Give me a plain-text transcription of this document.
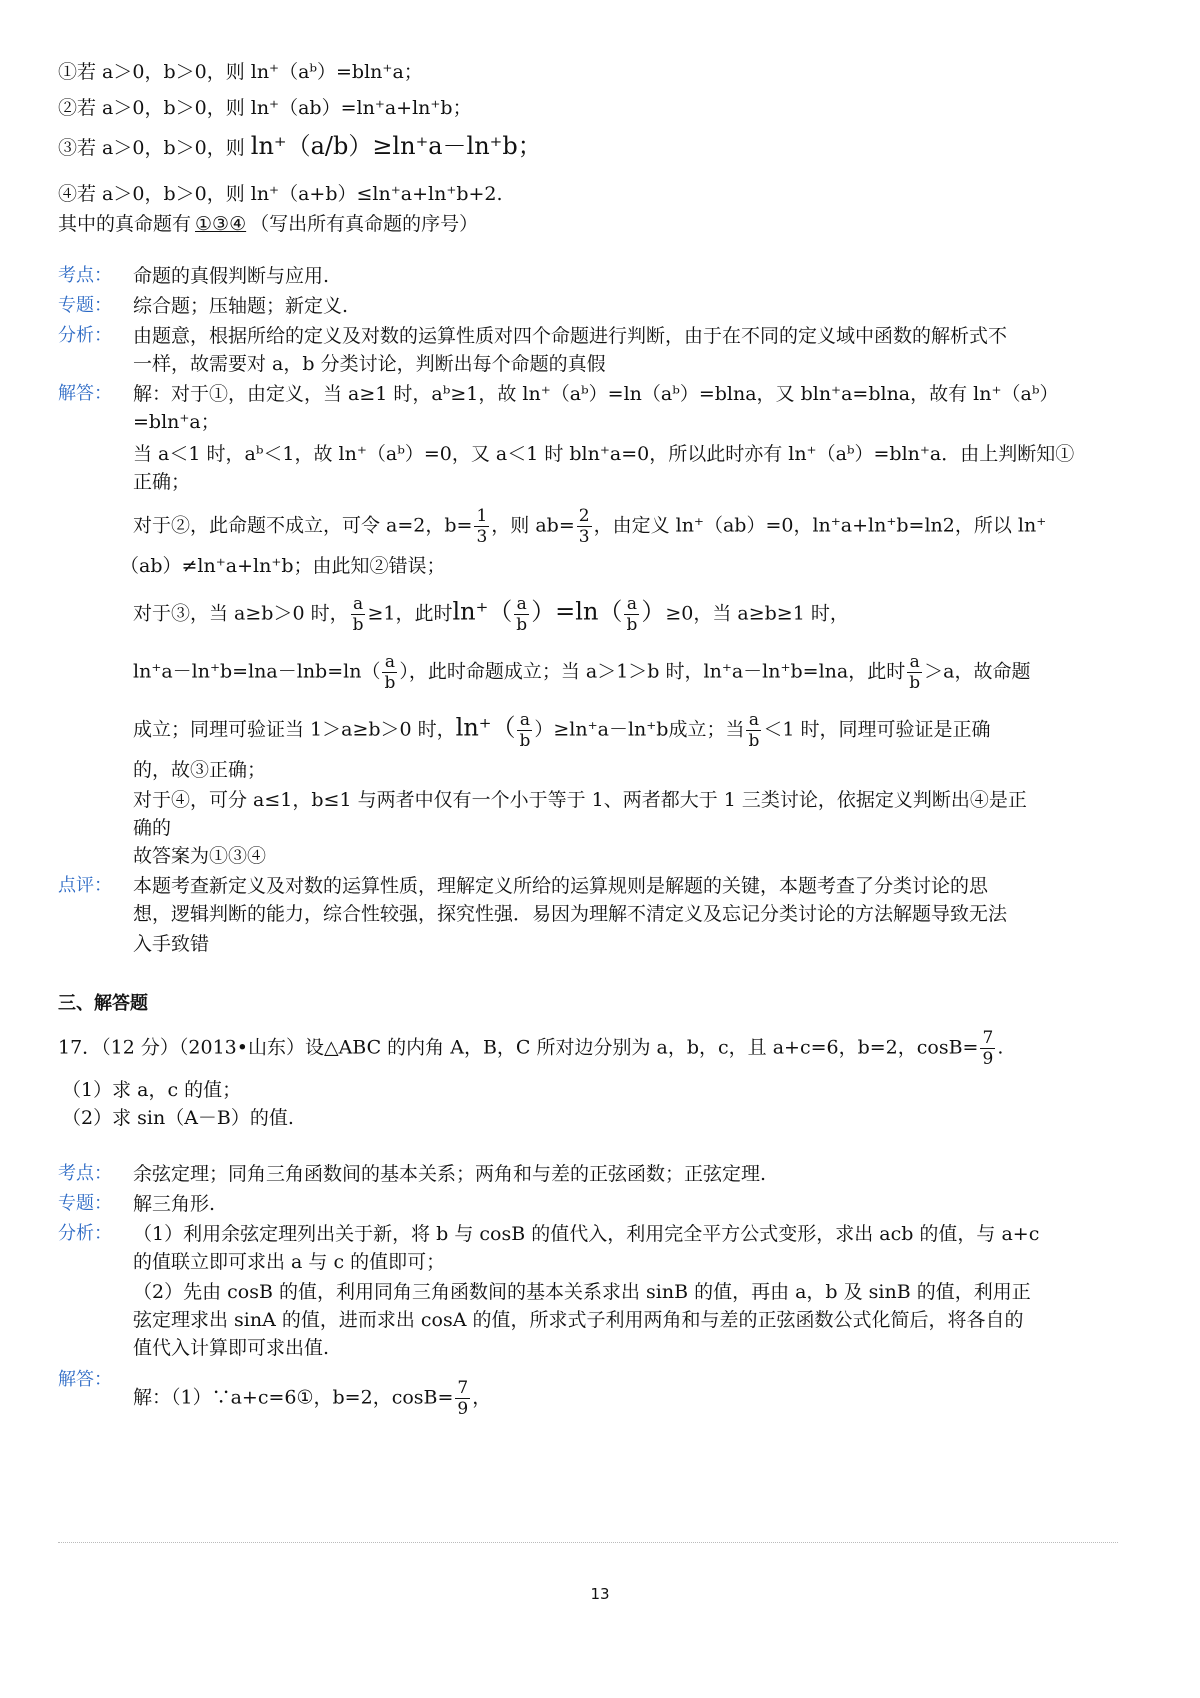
①若 a＞0，b＞0，则 ln⁺（aᵇ）=bln⁺a；
②若 a＞0，b＞0，则 ln⁺（ab）=ln⁺a+ln⁺b；
③若 a＞0，b＞0，则 ln⁺（a/b）≥ln⁺a－ln⁺b；
④若 a＞0，b＞0，则 ln⁺（a+b）≤ln⁺a+ln⁺b+2.
其中的真命题有 ①③④ （写出所有真命题的序号）
考点： 命题的真假判断与应用.
专题： 综合题；压轴题；新定义.
分析： 由题意，根据所给的定义及对数的运算性质对四个命题进行判断，由于在不同的定义域中函数的解析式不
一样，故需要对 a，b 分类讨论，判断出每个命题的真假
解答： 解：对于①，由定义，当 a≥1 时，aᵇ≥1，故 ln⁺（aᵇ）=ln（aᵇ）=blna，又 bln⁺a=blna，故有 ln⁺（aᵇ）
=bln⁺a；
当 a＜1 时，aᵇ＜1，故 ln⁺（aᵇ）=0，又 a＜1 时 bln⁺a=0，所以此时亦有 ln⁺（aᵇ）=bln⁺a．由上判断知①
正确；
对于②，此命题不成立，可令 a=2，$b= \frac{1}{3}$ ，则 $ab= \frac{2}{3}$ ，由定义 ln⁺（ab）=0，ln⁺a+ln⁺b=ln2，所以 ln⁺
（ab）≠ln⁺a+ln⁺b；由此知②错误；
对于③，当 a≥b＞0 时， $\frac{a}{b} \ge 1$，此时$\ln^+( \frac{a}{b} )=\ln( \frac{a}{b} )\ge 0$，当 a≥b≥1 时，
$\ln^+a-\ln^+b=\ln a-\ln b=\ln( \frac{a}{b}$ ），此时命题成立；当 a＞1＞b 时，ln⁺a－ln⁺b=lna，此时 $\frac{a}{b} >a$，故命题
成立；同理可验证当 1＞a≥b＞0 时，$\ln^+( \frac{a}{b} )\ge\ln^+a-\ln^+b$成立；当 $\frac{a}{b} <1$ 时，同理可验证是正确
的，故③正确；
对于④，可分 a≤1，b≤1 与两者中仅有一个小于等于 1、两者都大于 1 三类讨论，依据定义判断出④是正
确的
故答案为①③④
点评： 本题考查新定义及对数的运算性质，理解定义所给的运算规则是解题的关键，本题考查了分类讨论的思
想，逻辑判断的能力，综合性较强，探究性强．易因为理解不清定义及忘记分类讨论的方法解题导致无法
入手致错
三、解答题
17．（12 分）（2013•山东）设△ABC 的内角 A，B，C 所对边分别为 a，b，c，且 a+c=6，b=2，$\cos B= \frac{7}{9}$ .
（1）求 a，c 的值；
（2）求 sin（A－B）的值.
考点： 余弦定理；同角三角函数间的基本关系；两角和与差的正弦函数；正弦定理.
专题： 解三角形.
分析： （1）利用余弦定理列出关于新，将 b 与 cosB 的值代入，利用完全平方公式变形，求出 acb 的值，与 a+c
的值联立即可求出 a 与 c 的值即可；
（2）先由 cosB 的值，利用同角三角函数间的基本关系求出 sinB 的值，再由 a，b 及 sinB 的值，利用正
弦定理求出 sinA 的值，进而求出 cosA 的值，所求式子利用两角和与差的正弦函数公式化简后，将各自的
值代入计算即可求出值.
解答：
解：（1）∵a+c=6①，b=2，$\cos B= \frac{7}{9}$ ，
13
